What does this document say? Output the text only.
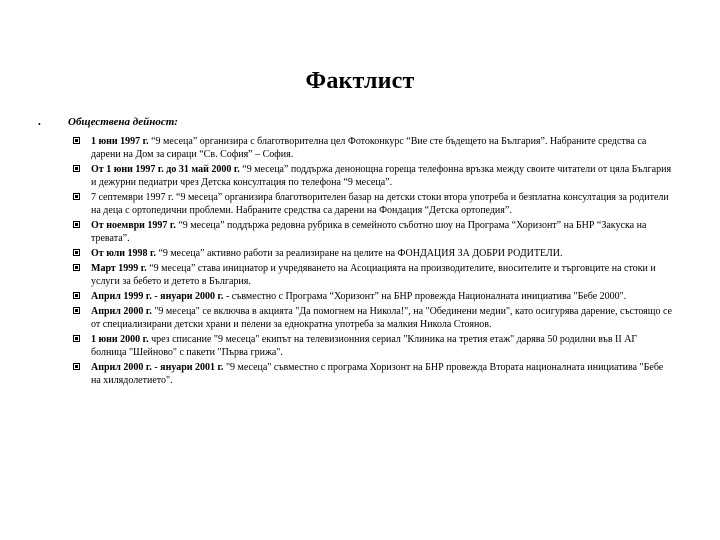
Фактлист
• Обществена дейност:
1 юни 1997 г. “9 месеца” организира с благотворителна цел Фотоконкурс “Вие сте бъдещето на България”. Набраните средства са дарени на Дом за сираци “Св. София” – София.
От 1 юни 1997 г. до 31 май 2000 г. “9 месеца” поддържа денонощна гореща телефонна връзка между своите читатели от цяла България и дежурни педиатри чрез Детска консултация по телефона “9 месеца”.
7 септември 1997 г. “9 месеца” организира благотворителен базар на детски стоки втора употреба и безплатна консултация за родители на деца с ортопедични проблеми. Набраните средства са дарени на Фондация “Детска ортопедия”.
От ноември 1997 г. “9 месеца” поддържа редовна рубрика в семейното съботно шоу на Програма “Хоризонт” на БНР “Закуска на тревата”.
От юли 1998 г. “9 месеца” активно работи за реализиране на целите на ФОНДАЦИЯ ЗА ДОБРИ РОДИТЕЛИ.
Март 1999 г. “9 месеца” става инициатор и учредяването на Асоциацията на производителите, вносителите и търговците на стоки и услуги за бебето и детето в България.
Април 1999 г. - януари 2000 г. - съвместно с Програма “Хоризонт” на БНР провежда Националната инициатива "Бебе 2000".
Април 2000 г. "9 месеца" се включва в акцията "Да помогнем на Никола!", на "Обединени медии", като осигурява дарение, състоящо се от специализирани детски храни и пелени за еднократна употреба за малкия Никола Стоянов.
1 юни 2000 г. чрез списание "9 месеца" екипът на телевизионния сериал "Клиника на третия етаж" дарява 50 родилни във II АГ болница "Шейново" с пакети "Първа грижа".
Април 2000 г. - януари 2001 г. "9 месеца" съвместно с програма Хоризонт на БНР провежда Втората националната инициатива "Бебе на хилядолетието".
